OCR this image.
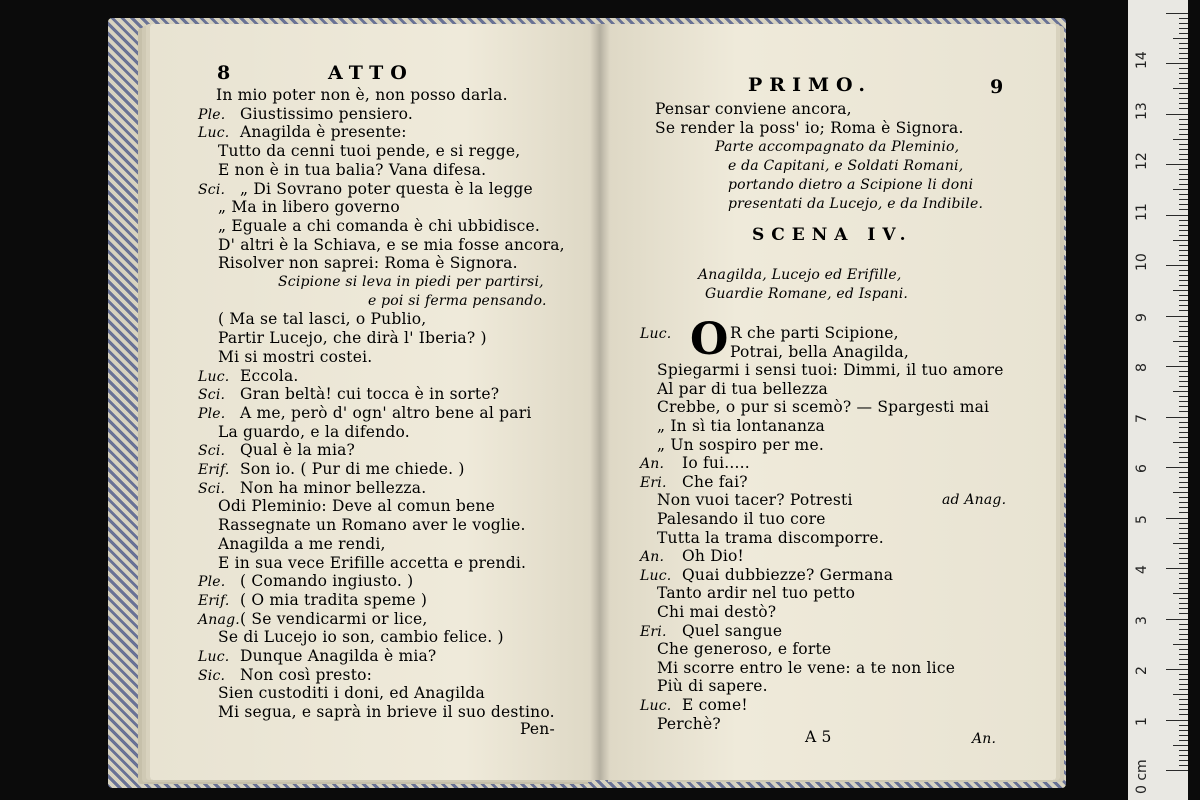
8	ATTO
In mio poter non è, non posso darla.
Ple. Giustissimo pensiero.
Luc. Anagilda è presente:
Tutto da cenni tuoi pende, e si regge,
E non è in tua balia? Vana difesa.
Sci. „ Di Sovrano poter questa è la legge
„ Ma in libero governo
„ Eguale a chi comanda è chi ubbidisce.
D' altri è la Schiava, e se mia fosse ancora,
Risolver non saprei: Roma è Signora.
Scipione si leva in piedi per partirsi,
e poi si ferma pensando.
( Ma se tal lasci, o Publio,
Partir Lucejo, che dirà l' Iberia? )
Mi si mostri costei.
Luc. Eccola.
Sci. Gran beltà! cui tocca è in sorte?
Ple. A me, però d' ogn' altro bene al pari
La guardo, e la difendo.
Sci. Qual è la mia?
Erif. Son io. ( Pur di me chiede. )
Sci. Non ha minor bellezza.
Odi Pleminio: Deve al comun bene
Rassegnate un Romano aver le voglie.
Anagilda a me rendi,
E in sua vece Erifille accetta e prendi.
Ple. ( Comando ingiusto. )
Erif. ( O mia tradita speme )
Anag.( Se vendicarmi or lice,
Se di Lucejo io son, cambio felice. )
Luc. Dunque Anagilda è mia?
Sic. Non così presto:
Sien custoditi i doni, ed Anagilda
Mi segua, e saprà in brieve il suo destino.
Pen-
PRIMO.	9
Pensar conviene ancora,
Se render la poss' io; Roma è Signora.
Parte accompagnato da Pleminio,
e da Capitani, e Soldati Romani,
portando dietro a Scipione li doni
presentati da Lucejo, e da Indibile.
SCENA IV.
Anagilda, Lucejo ed Erifille,
Guardie Romane, ed Ispani.
O
Luc.	R che parti Scipione,
Potrai, bella Anagilda,
Spiegarmi i sensi tuoi: Dimmi, il tuo amore
Al par di tua bellezza
Crebbe, o pur si scemò? — Spargesti mai
„ In sì tia lontananza
„ Un sospiro per me.
An. Io fui.....
Eri. Che fai?
Non vuoi tacer? Potresti	ad Anag.
Palesando il tuo core
Tutta la trama discomporre.
An. Oh Dio!
Luc. Quai dubbiezze? Germana
Tanto ardir nel tuo petto
Chi mai destò?
Eri. Quel sangue
Che generoso, e forte
Mi scorre entro le vene: a te non lice
Più di sapere.
Luc. E come!
Perchè?
A 5	An.
0 cm
1
2
3
4
5
6
7
8
9
10
11
12
13
14
